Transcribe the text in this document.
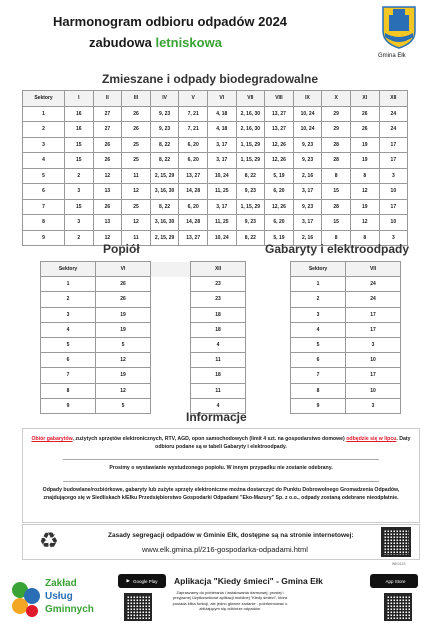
Harmonogram odbioru odpadów 2024
zabudowa letniskowa
Gmina Ełk
Zmieszane i odpady biodegradowalne
Sektory	I	II	III	IV	V	VI	VII	VIII	IX	X	XI	XII
1	16	27	26	9, 23	7, 21	4, 18	2, 16, 30	13, 27	10, 24	29	26	24
2	16	27	26	9, 23	7, 21	4, 18	2, 16, 30	13, 27	10, 24	29	26	24
3	15	26	25	8, 22	6, 20	3, 17	1, 15, 29	12, 26	9, 23	28	19	17
4	15	26	25	8, 22	6, 20	3, 17	1, 15, 29	12, 26	9, 23	28	19	17
5	2	12	11	2, 15, 29	13, 27	10, 24	8, 22	5, 19	2, 16	8	8	3
6	3	13	12	3, 16, 30	14, 28	11, 25	9, 23	6, 20	3, 17	15	12	10
7	15	26	25	8, 22	6, 20	3, 17	1, 15, 29	12, 26	9, 23	28	19	17
8	3	13	12	3, 16, 30	14, 28	11, 25	9, 23	6, 20	3, 17	15	12	10
9	2	12	11	2, 15, 29	13, 27	10, 24	8, 22	5, 19	2, 16	8	8	3
Popiół
Sektory	VI		XII
1	26		23
2	26		23
3	19		18
4	19		18
5	5		4
6	12		11
7	19		18
8	12		11
9	5		4
Gabaryty i elektroodpady
Sektory	VII
1	24
2	24
3	17
4	17
5	3
6	10
7	17
8	10
9	3
Informacje
Obiór gabarytów, zużytych sprzętów elektronicznych, RTV, AGD, opon samochodowych (limit 4 szt. na gospodarstwo domowe) odbędzie się w lipcu. Daty odbioru podane są w tabeli Gabaryty i elektroodpady.
Prosimy o wystawianie wystudzonego popiołu. W innym przypadku nie zostanie odebrany.
Odpady budowlane/rozbiórkowe, gabaryty lub zużyte sprzęty elektroniczne można dostarczyć do Punktu Dobrowolnego Gromadzenia Odpadów, znajdującego się w Siedliskach k/Ełku Przedsiębiorstwo Gospodarki Odpadami "Eko-Mazury" Sp. z o.o., odpady zostaną odebrane nieodpłatnie.
♻	Zasady segregacji odpadów w Gminie Ełk, dostępne są na stronie internetowej:
www.elk.gmina.pl/216-gospodarka-odpadami.html
WK0123
Zakład
Usług
Gminnych
▶ Google Play Aplikacja "Kiedy śmieci" - Gmina Ełk
Zapraszamy do pobierania i instalowania darmowej, prostej i przyjaznej Użytkownikowi aplikacji mobilnej "Kiedy śmieci", która posiada kilka funkcji, ale jedno główne zadanie - poinformować o zbliżającym się odbiorze odpadów.
App Store
